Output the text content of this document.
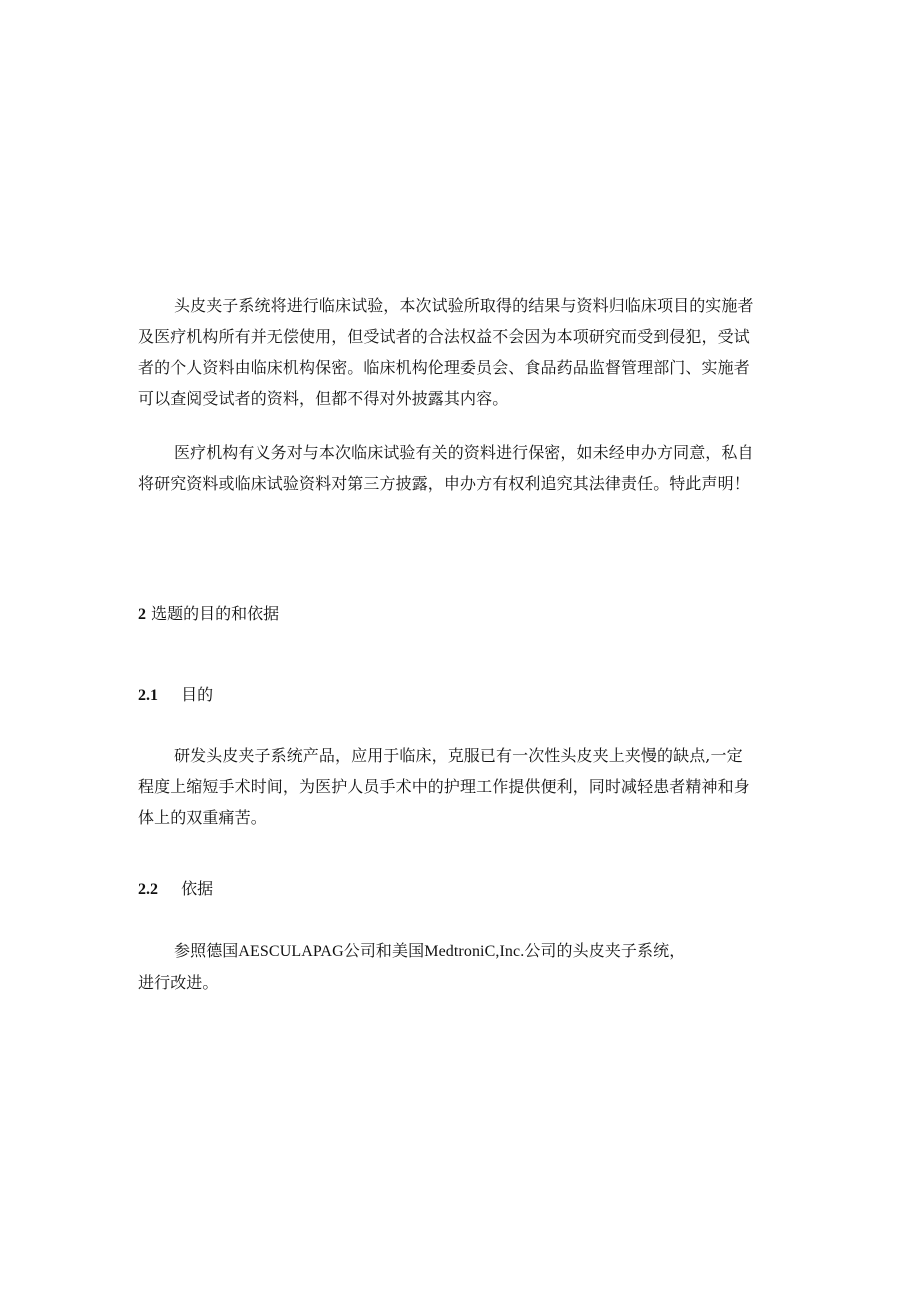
头皮夹子系统将进行临床试验，本次试验所取得的结果与资料归临床项目的实施者
及医疗机构所有并无偿使用，但受试者的合法权益不会因为本项研究而受到侵犯，受试
者的个人资料由临床机构保密。临床机构伦理委员会、食品药品监督管理部门、实施者
可以查阅受试者的资料，但都不得对外披露其内容。
医疗机构有义务对与本次临床试验有关的资料进行保密，如未经申办方同意，私自
将研究资料或临床试验资料对第三方披露，申办方有权利追究其法律责任。特此声明！
2 选题的目的和依据
2.1 目的
研发头皮夹子系统产品，应用于临床，克服已有一次性头皮夹上夹慢的缺点,一定
程度上缩短手术时间，为医护人员手术中的护理工作提供便利，同时减轻患者精神和身
体上的双重痛苦。
2.2 依据
参照德国AESCULAPAG公司和美国MedtroniC,Inc.公司的头皮夹子系统，
进行改进。
